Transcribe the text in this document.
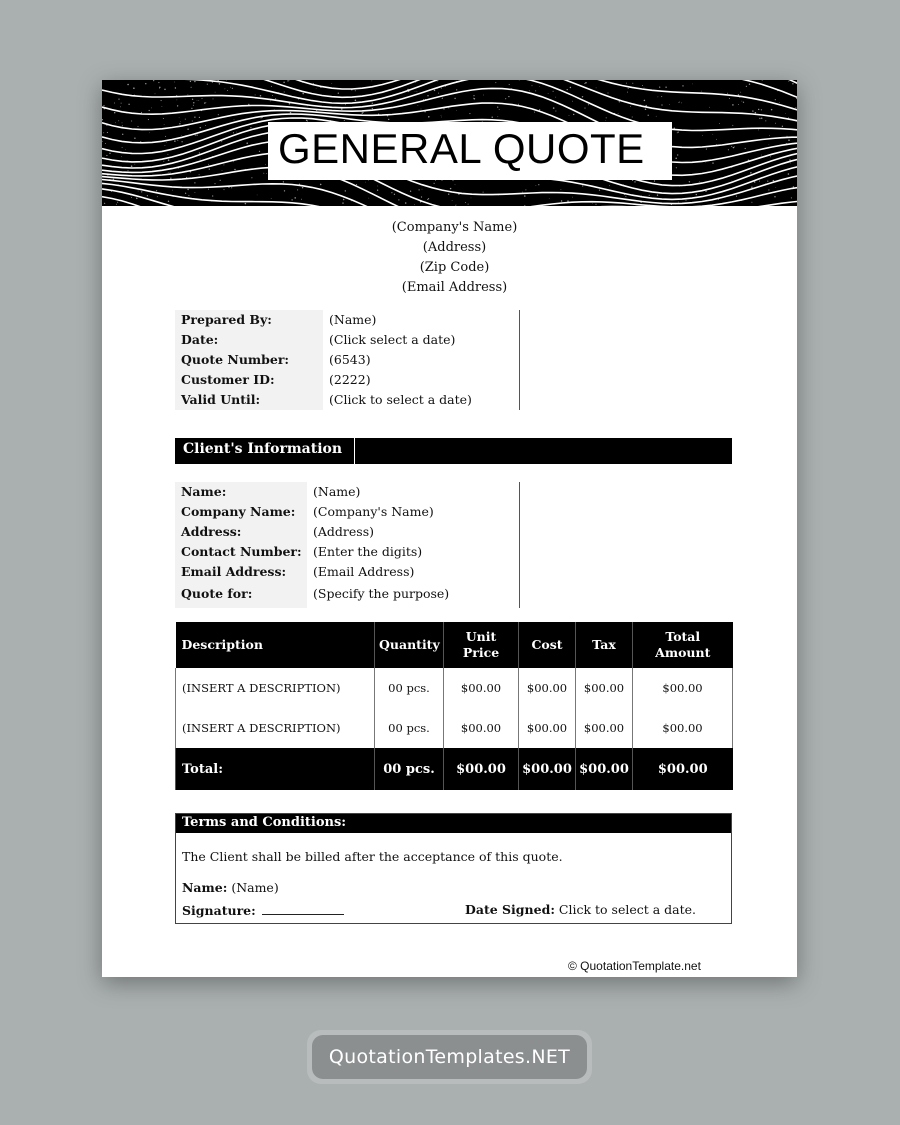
GENERAL QUOTE
(Company's Name)
(Address)
(Zip Code)
(Email Address)
Prepared By:	(Name)
Date:	(Click select a date)
Quote Number:	(6543)
Customer ID:	(2222)
Valid Until:	(Click to select a date)
Client's Information
Name:	(Name)
Company Name: (Company's Name)
Address:	(Address)
Contact Number: (Enter the digits)
Email Address: (Email Address)
Quote for:	(Specify the purpose)
Description	Quantity	Unit Price	Cost	Tax	Total Amount
(INSERT A DESCRIPTION)	00 pcs.	$00.00	$00.00	$00.00	$00.00
(INSERT A DESCRIPTION)	00 pcs.	$00.00	$00.00	$00.00	$00.00
Total:	00 pcs.	$00.00	$00.00	$00.00	$00.00
Terms and Conditions:
The Client shall be billed after the acceptance of this quote.
Name: (Name)
Signature:	Date Signed: Click to select a date.
© QuotationTemplate.net
QuotationTemplates.NET
